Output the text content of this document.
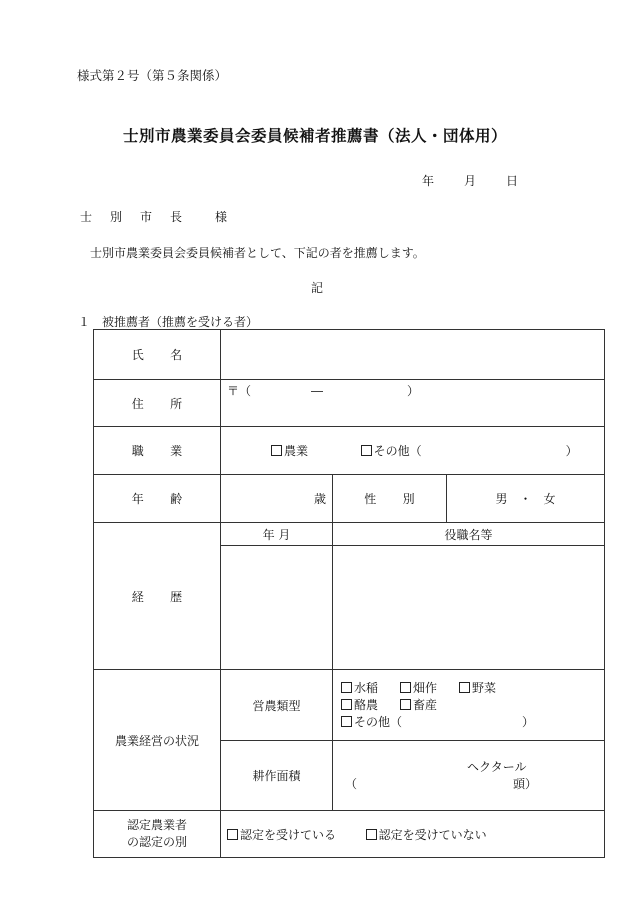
様式第２号（第５条関係）
士別市農業委員会委員候補者推薦書（法人・団体用）
年	月	日
士　別　市　長　　様
士別市農業委員会委員候補者として、下記の者を推薦します。
記
１　被推薦者（推薦を受ける者）
氏名			
住所	〒（　　　　　―　　　　　　　）		
職業	農業 その他（　　　　　　　　　　　　）		
年齢	歳	性別	男　・　女
経歴	年 月	役職名等	

農業経営の状況	営農類型	水稲 畑作 野菜
酪農 畜産
その他（　　　　　　　　　　）	

	耕作面積	ヘクタール
（　　　　　　　　　　　　　頭）	

認定農業者
の認定の別	認定を受けている 認定を受けていない		
